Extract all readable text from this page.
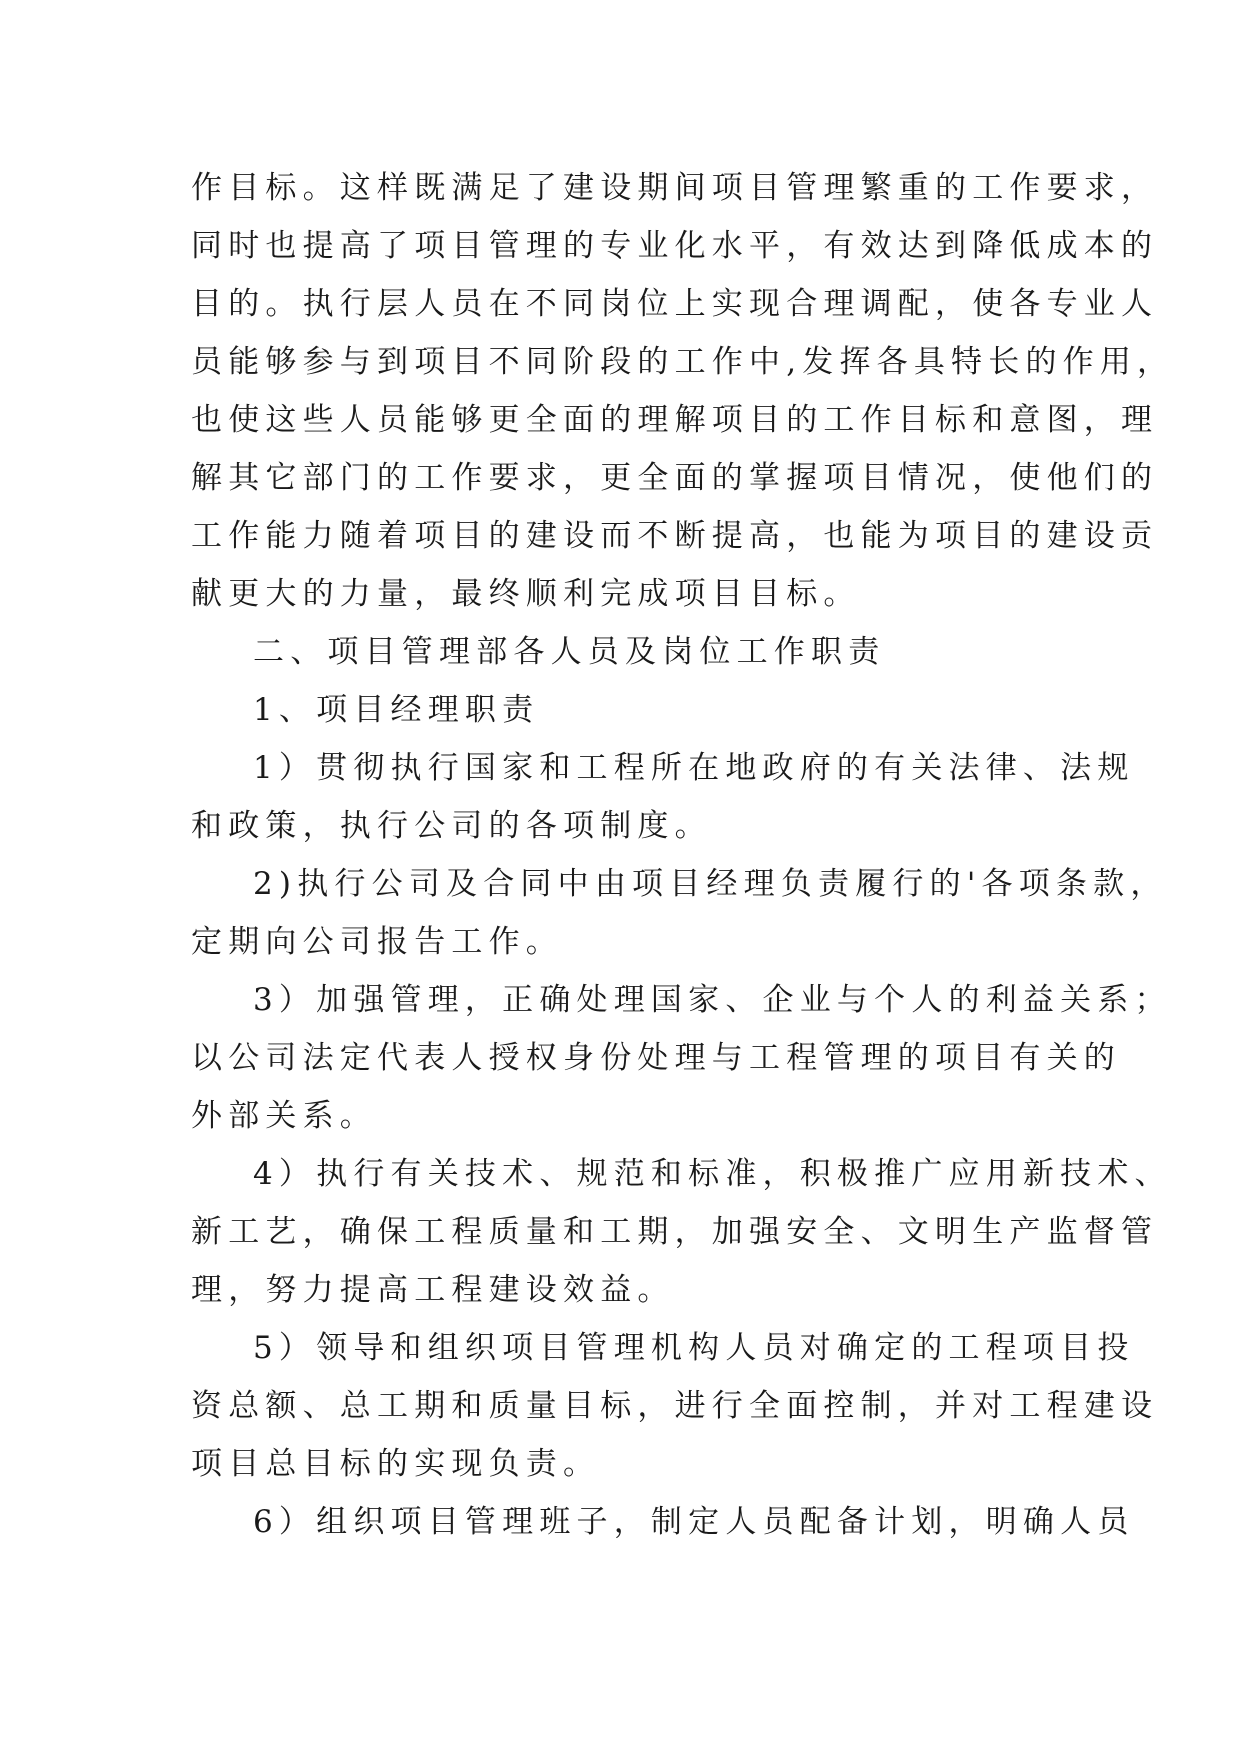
作目标。这样既满足了建设期间项目管理繁重的工作要求，
同时也提高了项目管理的专业化水平，有效达到降低成本的
目的。执行层人员在不同岗位上实现合理调配，使各专业人
员能够参与到项目不同阶段的工作中,发挥各具特长的作用，
也使这些人员能够更全面的理解项目的工作目标和意图，理
解其它部门的工作要求，更全面的掌握项目情况，使他们的
工作能力随着项目的建设而不断提高，也能为项目的建设贡
献更大的力量，最终顺利完成项目目标。
二、项目管理部各人员及岗位工作职责
1、项目经理职责
1）贯彻执行国家和工程所在地政府的有关法律、法规
和政策，执行公司的各项制度。
2)执行公司及合同中由项目经理负责履行的'各项条款，
定期向公司报告工作。
3）加强管理，正确处理国家、企业与个人的利益关系；
以公司法定代表人授权身份处理与工程管理的项目有关的
外部关系。
4）执行有关技术、规范和标准，积极推广应用新技术、
新工艺，确保工程质量和工期，加强安全、文明生产监督管
理，努力提高工程建设效益。
5）领导和组织项目管理机构人员对确定的工程项目投
资总额、总工期和质量目标，进行全面控制，并对工程建设
项目总目标的实现负责。
6）组织项目管理班子，制定人员配备计划，明确人员
